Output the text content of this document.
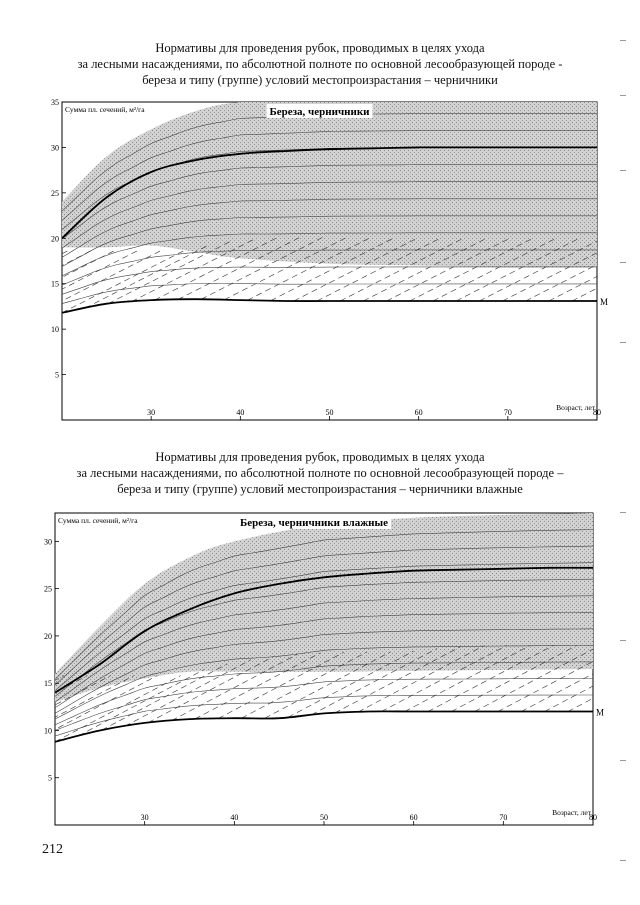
Нормативы для проведения рубок, проводимых в целях ухода
за лесными насаждениями, по абсолютной полноте по основной лесообразующей породе -
береза и типу (группе) условий местопроизрастания – черничники
M
5
10
15
20
25
30
35
30	40	50	60	70	80
Береза, черничники
Сумма пл. сечений, м²/га
Возраст, лет
Нормативы для проведения рубок, проводимых в целях ухода
за лесными насаждениями, по абсолютной полноте по основной лесообразующей породе –
береза и типу (группе) условий местопроизрастания – черничники влажные
M
5
10
15
20
25
30
30	40	50	60	70	80
Береза, черничники влажные
Сумма пл. сечений, м²/га
Возраст, лет
212
